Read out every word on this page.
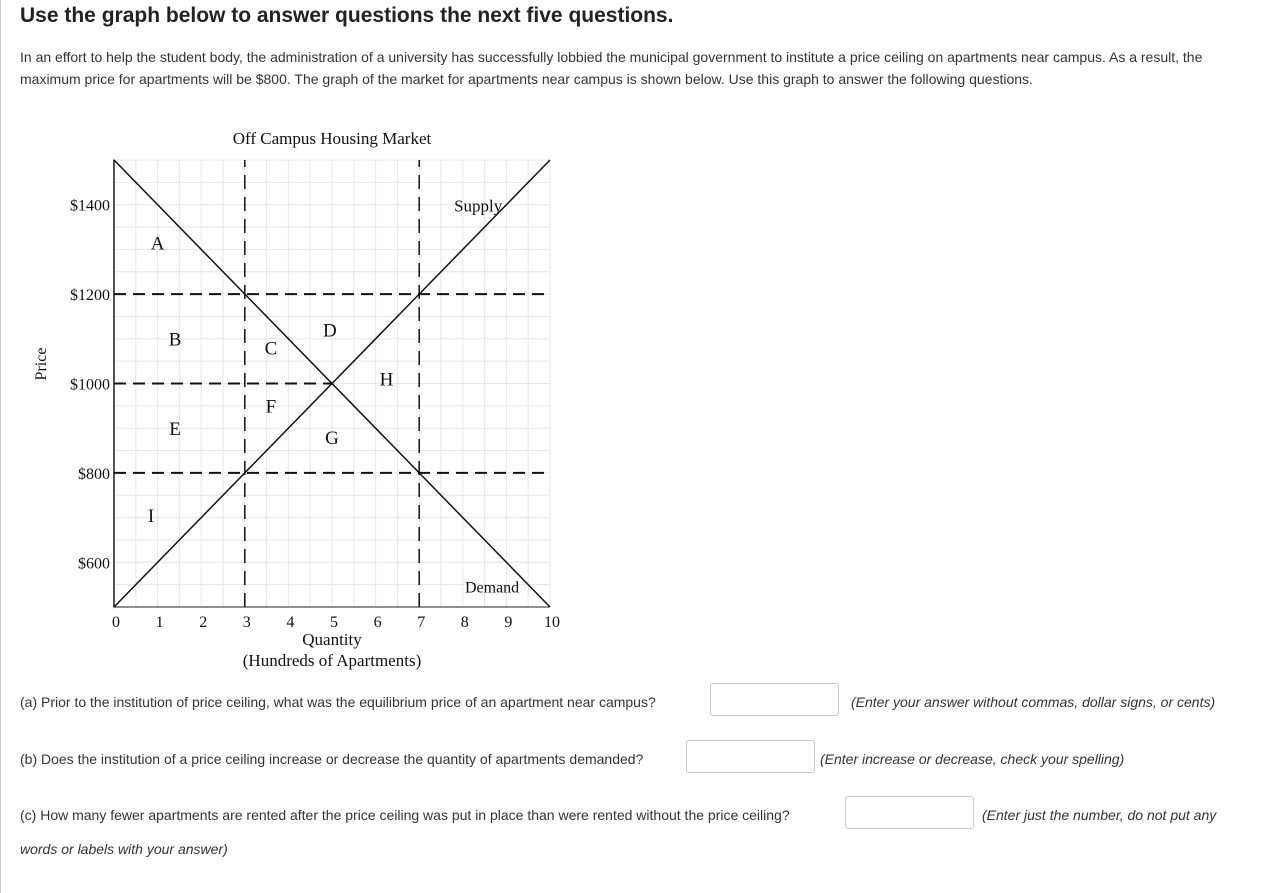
Use the graph below to answer questions the next five questions.

In an effort to help the student body, the administration of a university has successfully lobbied the municipal government to institute a price ceiling on apartments near campus. As a result, the maximum price for apartments will be $800. The graph of the market for apartments near campus is shown below. Use this graph to answer the following questions.

Supply
Demand
A
B	C
D
E
F
G
H
I
$1400
$1200
$1000
$800
$600
0 1 2 3 4 5 6 7 8 9 10
Off Campus Housing Market
Quantity
(Hundreds of Apartments)
Price
(a) Prior to the institution of price ceiling, what was the equilibrium price of an apartment near campus?	(Enter your answer without commas, dollar signs, or cents)
(b) Does the institution of a price ceiling increase or decrease the quantity of apartments demanded?	(Enter increase or decrease, check your spelling)
(c) How many fewer apartments are rented after the price ceiling was put in place than were rented without the price ceiling?	(Enter just the number, do not put any
words or labels with your answer)
